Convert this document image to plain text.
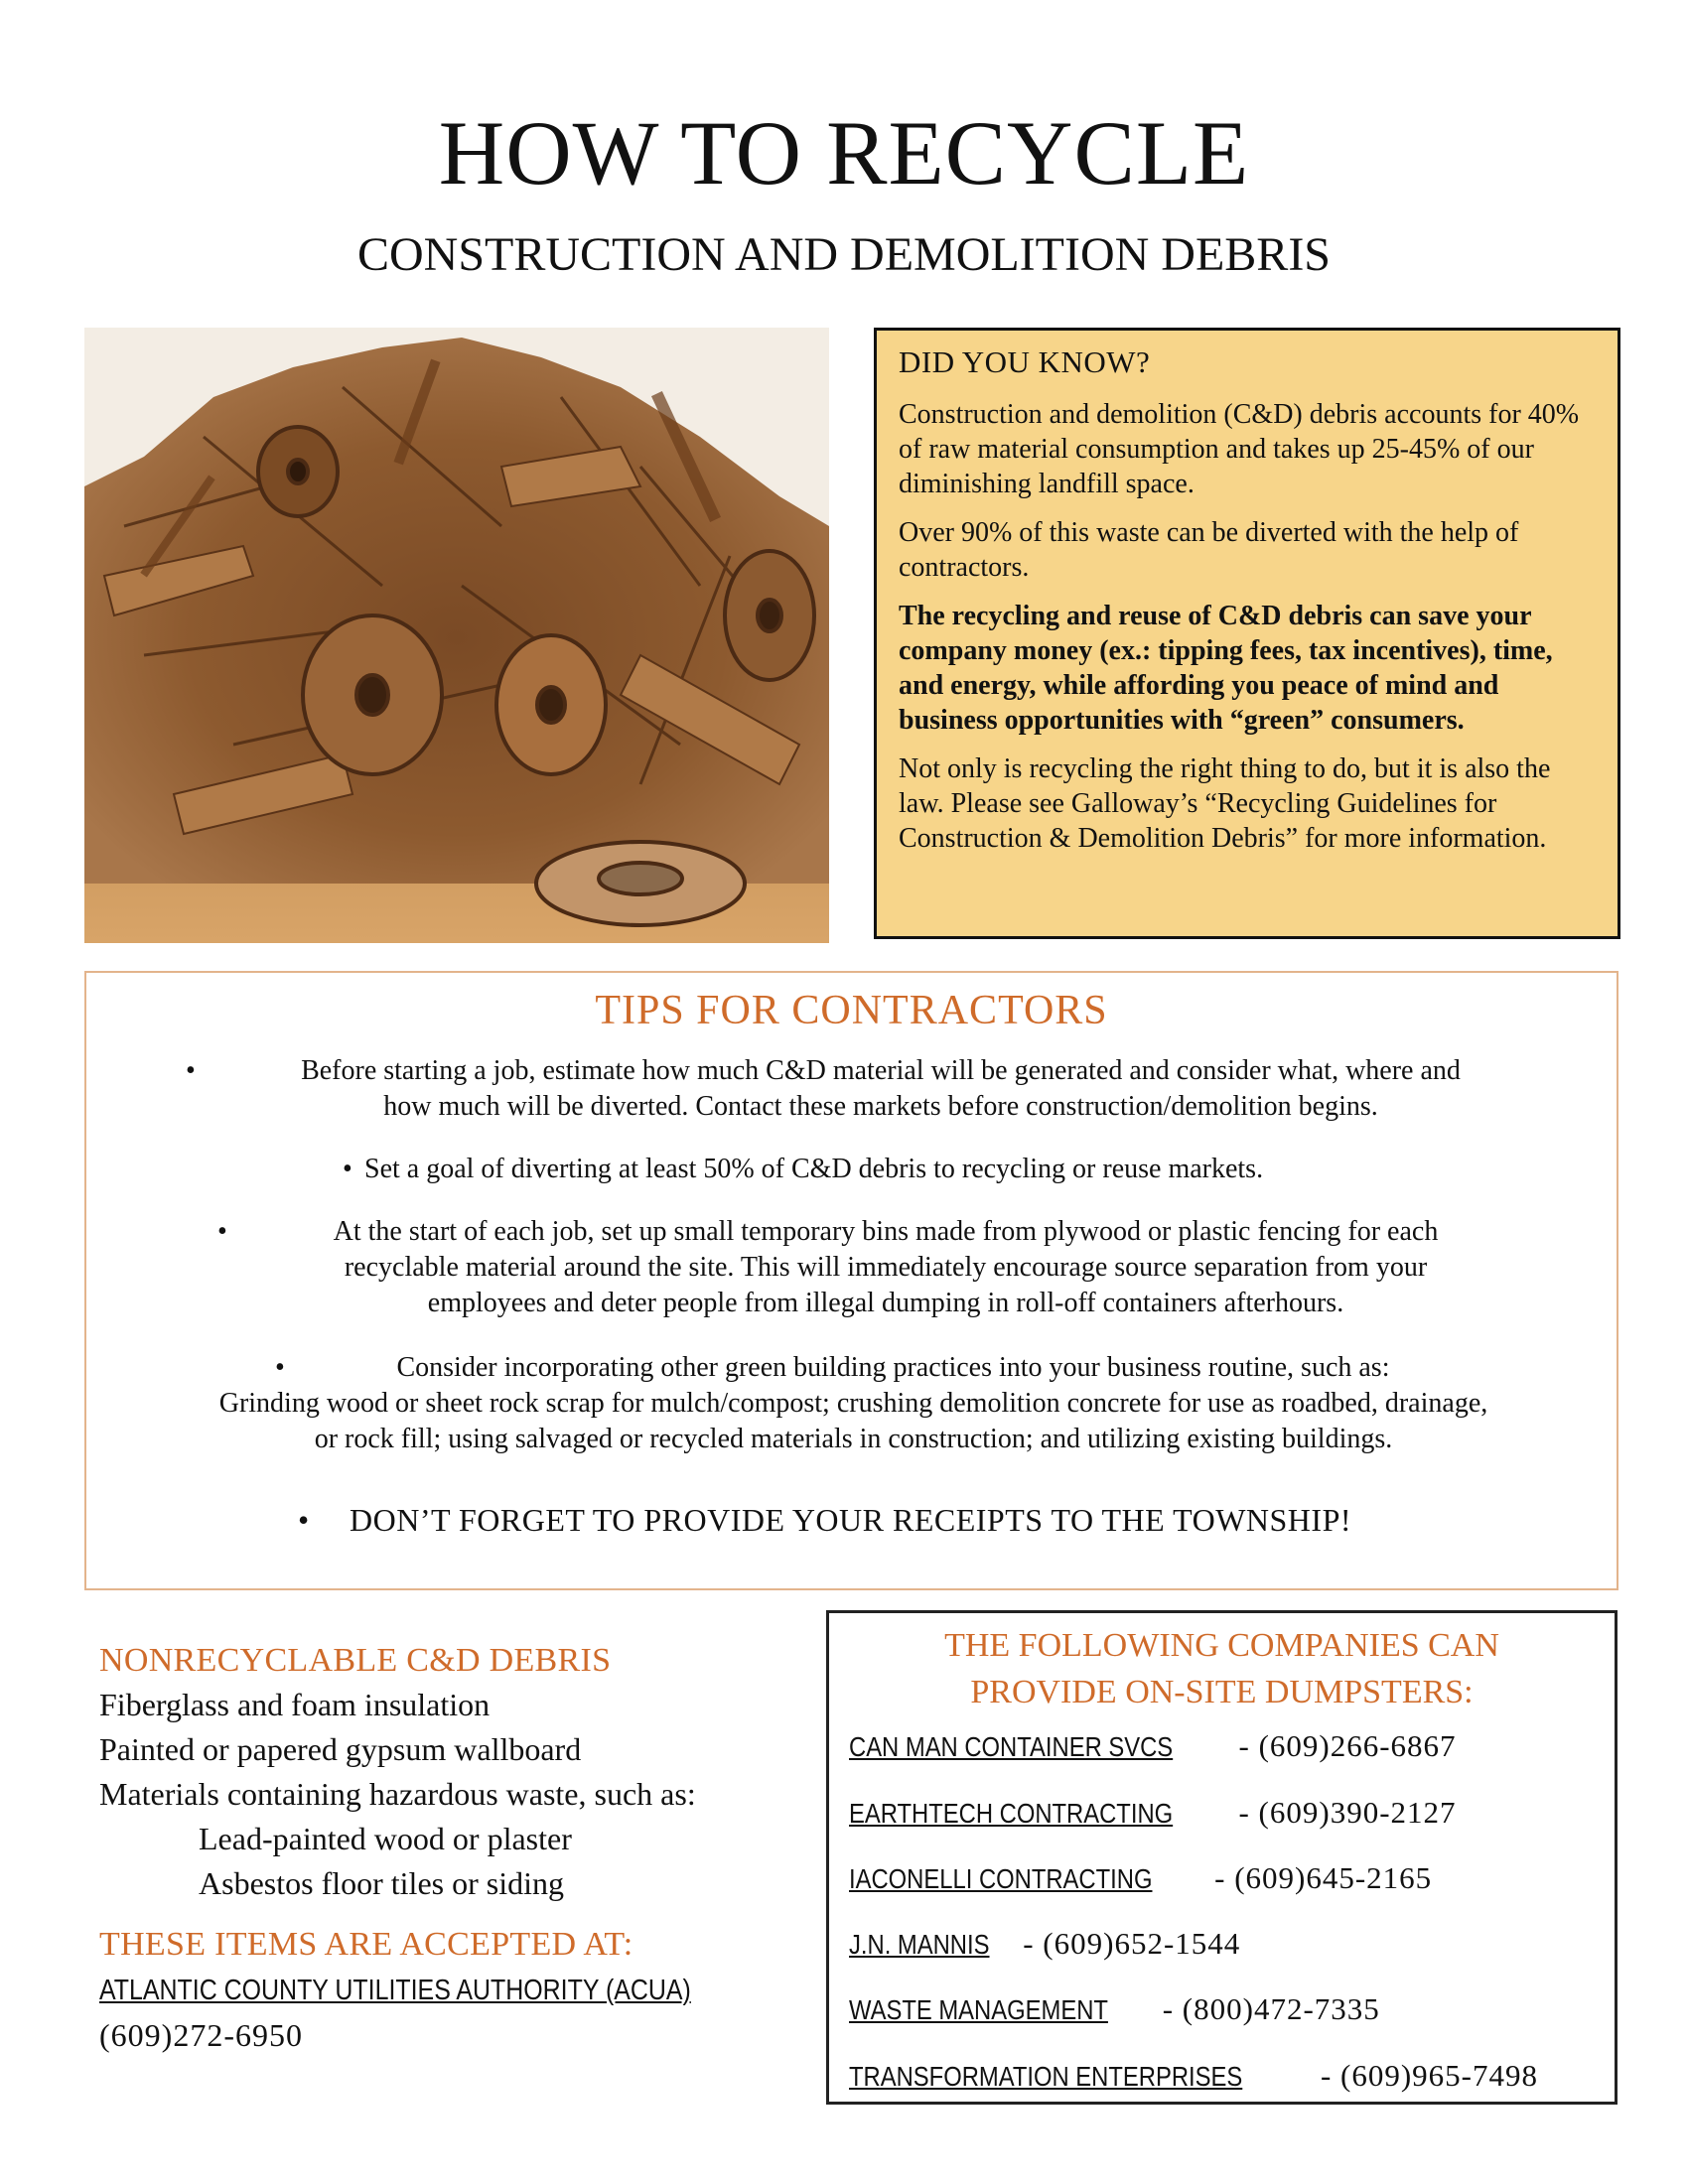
HOW TO RECYCLE
CONSTRUCTION AND DEMOLITION DEBRIS
DID YOU KNOW?

Construction and demolition (C&D) debris accounts for 40% of raw material consumption and takes up 25-45% of our diminishing landfill space.

Over 90% of this waste can be diverted with the help of contractors.

The recycling and reuse of C&D debris can save your company money (ex.: tipping fees, tax incentives), time, and energy, while affording you peace of mind and business opportunities with “green” consumers.

Not only is recycling the right thing to do, but it is also the law. Please see Galloway’s “Recycling Guidelines for Construction & Demolition Debris” for more information.

TIPS FOR CONTRACTORS
•	Before starting a job, estimate how much C&D material will be generated and consider what, where and
how much will be diverted. Contact these markets before construction/demolition begins.
• Set a goal of diverting at least 50% of C&D debris to recycling or reuse markets.
•	At the start of each job, set up small temporary bins made from plywood or plastic fencing for each
recyclable material around the site. This will immediately encourage source separation from your
employees and deter people from illegal dumping in roll-off containers afterhours.
•	Consider incorporating other green building practices into your business routine, such as:
Grinding wood or sheet rock scrap for mulch/compost; crushing demolition concrete for use as roadbed, drainage,
or rock fill; using salvaged or recycled materials in construction; and utilizing existing buildings.
• DON’T FORGET TO PROVIDE YOUR RECEIPTS TO THE TOWNSHIP!
NONRECYCLABLE C&D DEBRIS
Fiberglass and foam insulation
Painted or papered gypsum wallboard
Materials containing hazardous waste, such as:
Lead-painted wood or plaster
Asbestos floor tiles or siding
THESE ITEMS ARE ACCEPTED AT:
ATLANTIC COUNTY UTILITIES AUTHORITY (ACUA)
(609)272-6950
THE FOLLOWING COMPANIES CAN
PROVIDE ON-SITE DUMPSTERS:
CAN MAN CONTAINER SVCS - (609)266-6867
EARTHTECH CONTRACTING - (609)390-2127
IACONELLI CONTRACTING - (609)645-2165
J.N. MANNIS - (609)652-1544
WASTE MANAGEMENT - (800)472-7335
TRANSFORMATION ENTERPRISES - (609)965-7498
